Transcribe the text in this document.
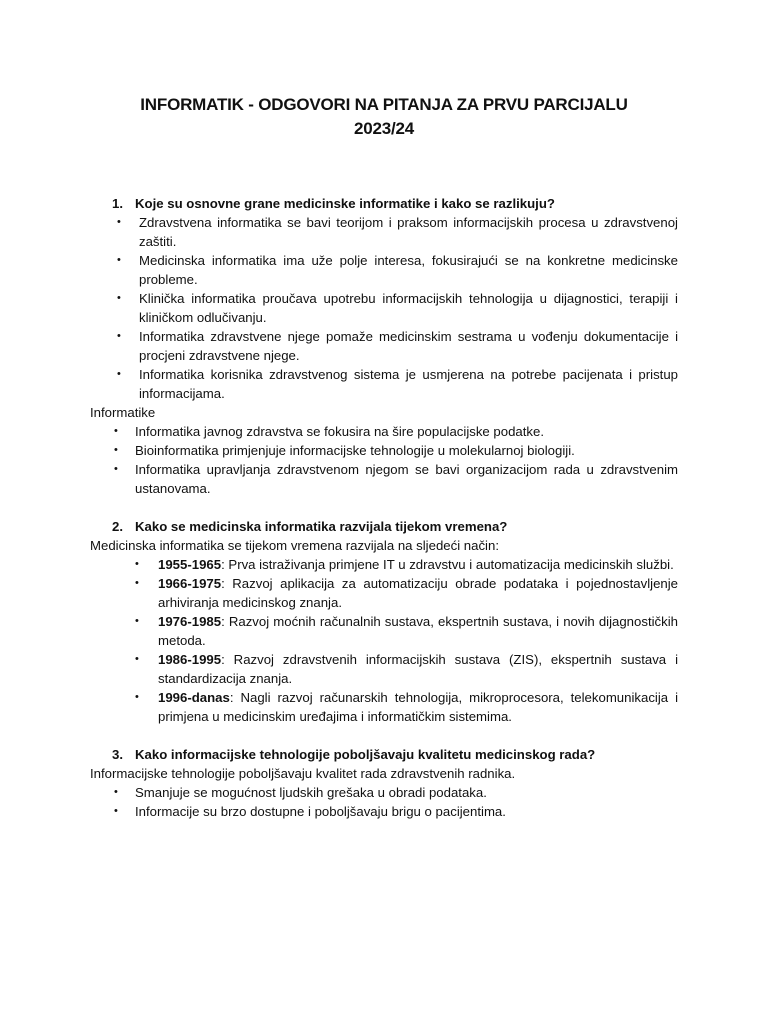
INFORMATIK - ODGOVORI NA PITANJA ZA PRVU PARCIJALU
2023/24
1. Koje su osnovne grane medicinske informatike i kako se razlikuju?
• Zdravstvena informatika se bavi teorijom i praksom informacijskih procesa u zdravstvenoj zaštiti.
• Medicinska informatika ima uže polje interesa, fokusirajući se na konkretne medicinske probleme.
• Klinička informatika proučava upotrebu informacijskih tehnologija u dijagnostici, terapiji i kliničkom odlučivanju.
• Informatika zdravstvene njege pomaže medicinskim sestrama u vođenju dokumentacije i procjeni zdravstvene njege.
• Informatika korisnika zdravstvenog sistema je usmjerena na potrebe pacijenata i pristup informacijama.

Informatike

• Informatika javnog zdravstva se fokusira na šire populacijske podatke.
• Bioinformatika primjenjuje informacijske tehnologije u molekularnoj biologiji.
• Informatika upravljanja zdravstvenom njegom se bavi organizacijom rada u zdravstvenim ustanovama.
2. Kako se medicinska informatika razvijala tijekom vremena?

Medicinska informatika se tijekom vremena razvijala na sljedeći način:

• 1955-1965: Prva istraživanja primjene IT u zdravstvu i automatizacija medicinskih službi.
• 1966-1975: Razvoj aplikacija za automatizaciju obrade podataka i pojednostavljenje arhiviranja medicinskog znanja.
• 1976-1985: Razvoj moćnih računalnih sustava, ekspertnih sustava, i novih dijagnostičkih metoda.
• 1986-1995: Razvoj zdravstvenih informacijskih sustava (ZIS), ekspertnih sustava i standardizacija znanja.
• 1996-danas: Nagli razvoj računarskih tehnologija, mikroprocesora, telekomunikacija i primjena u medicinskim uređajima i informatičkim sistemima.
3. Kako informacijske tehnologije poboljšavaju kvalitetu medicinskog rada?

Informacijske tehnologije poboljšavaju kvalitet rada zdravstvenih radnika.

• Smanjuje se mogućnost ljudskih grešaka u obradi podataka.
• Informacije su brzo dostupne i poboljšavaju brigu o pacijentima.
